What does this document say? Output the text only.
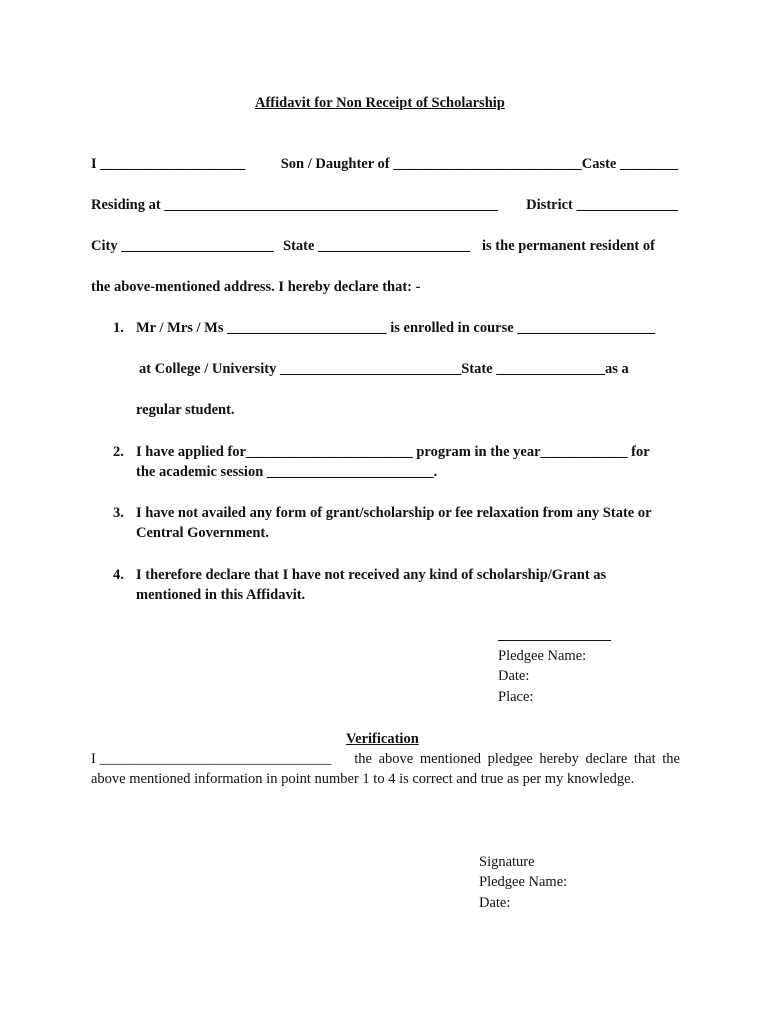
Affidavit for Non Receipt of Scholarship
I ____________________ Son / Daughter of __________________________Caste ________
Residing at ______________________________________________ District ______________
City _____________________ State _____________________ is the permanent resident of
the above-mentioned address. I hereby declare that: -
1. Mr / Mrs / Ms ______________________ is enrolled in course ___________________
at College / University _________________________State _______________as a
regular student.
2. I have applied for_______________________ program in the year____________ for
the academic session _______________________.
3. I have not availed any form of grant/scholarship or fee relaxation from any State or
Central Government.
4. I therefore declare that I have not received any kind of scholarship/Grant as
mentioned in this Affidavit.
Pledgee Name:
Date:
Place:
Verification
I ________________________________ the above mentioned pledgee hereby declare that the
above mentioned information in point number 1 to 4 is correct and true as per my knowledge.
Signature
Pledgee Name:
Date:
